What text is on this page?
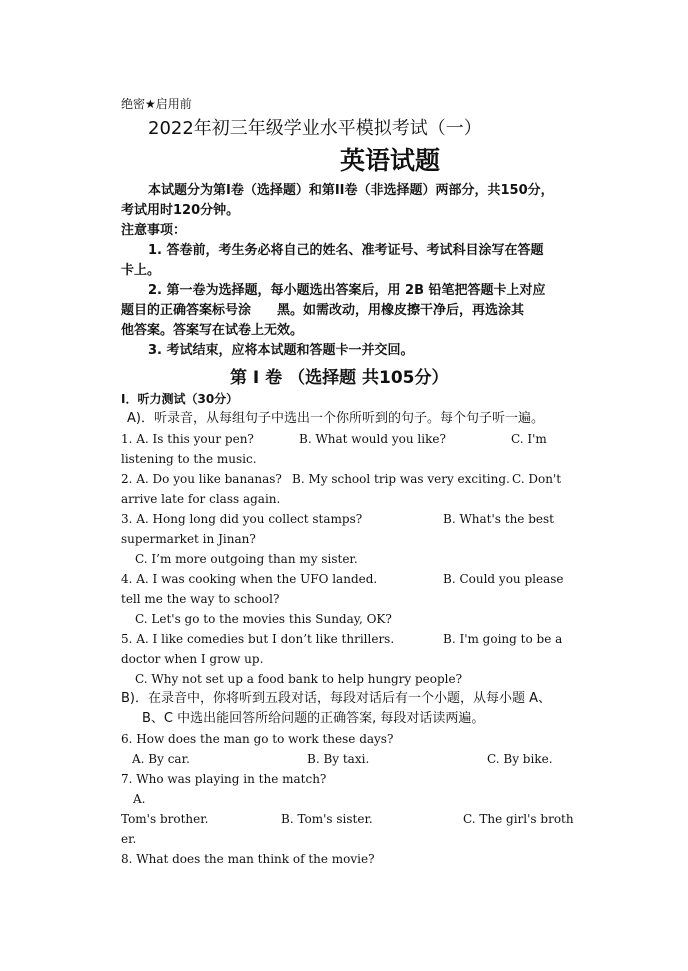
绝密★启用前
2022年初三年级学业水平模拟考试（一）
英语试题
本试题分为第I卷（选择题）和第II卷（非选择题）两部分，共150分，
考试用时120分钟。
注意事项：
1. 答卷前，考生务必将自己的姓名、准考证号、考试科目涂写在答题
卡上。
2. 第一卷为选择题，每小题选出答案后，用 2B 铅笔把答题卡上对应
题目的正确答案标号涂　　黑。如需改动，用橡皮擦干净后，再选涂其
他答案。答案写在试卷上无效。
3. 考试结束，应将本试题和答题卡一并交回。
第 I 卷 （选择题 共105分）
I．听力测试（30分）
A)．听录音，从每组句子中选出一个你所听到的句子。每个句子听一遍。
1. A. Is this your pen?	B. What would you like?	C. I'm
listening to the music.
2. A. Do you like bananas? B. My school trip was very exciting. C. Don't
arrive late for class again.
3. A. Hong long did you collect stamps?	B. What's the best
supermarket in Jinan?
C. I’m more outgoing than my sister.
4. A. I was cooking when the UFO landed.	B. Could you please
tell me the way to school?
C. Let's go to the movies this Sunday, OK?
5. A. I like comedies but I don’t like thrillers.	B. I'm going to be a
doctor when I grow up.
C. Why not set up a food bank to help hungry people?
B)．在录音中，你将听到五段对话，每段对话后有一个小题，从每小题 A、
B、C 中选出能回答所给问题的正确答案, 每段对话读两遍。
6. How does the man go to work these days?
A. By car.	B. By taxi.	C. By bike.
7. Who was playing in the match?
A.
Tom's brother.	B. Tom's sister.	C. The girl's broth
er.
8. What does the man think of the movie?
